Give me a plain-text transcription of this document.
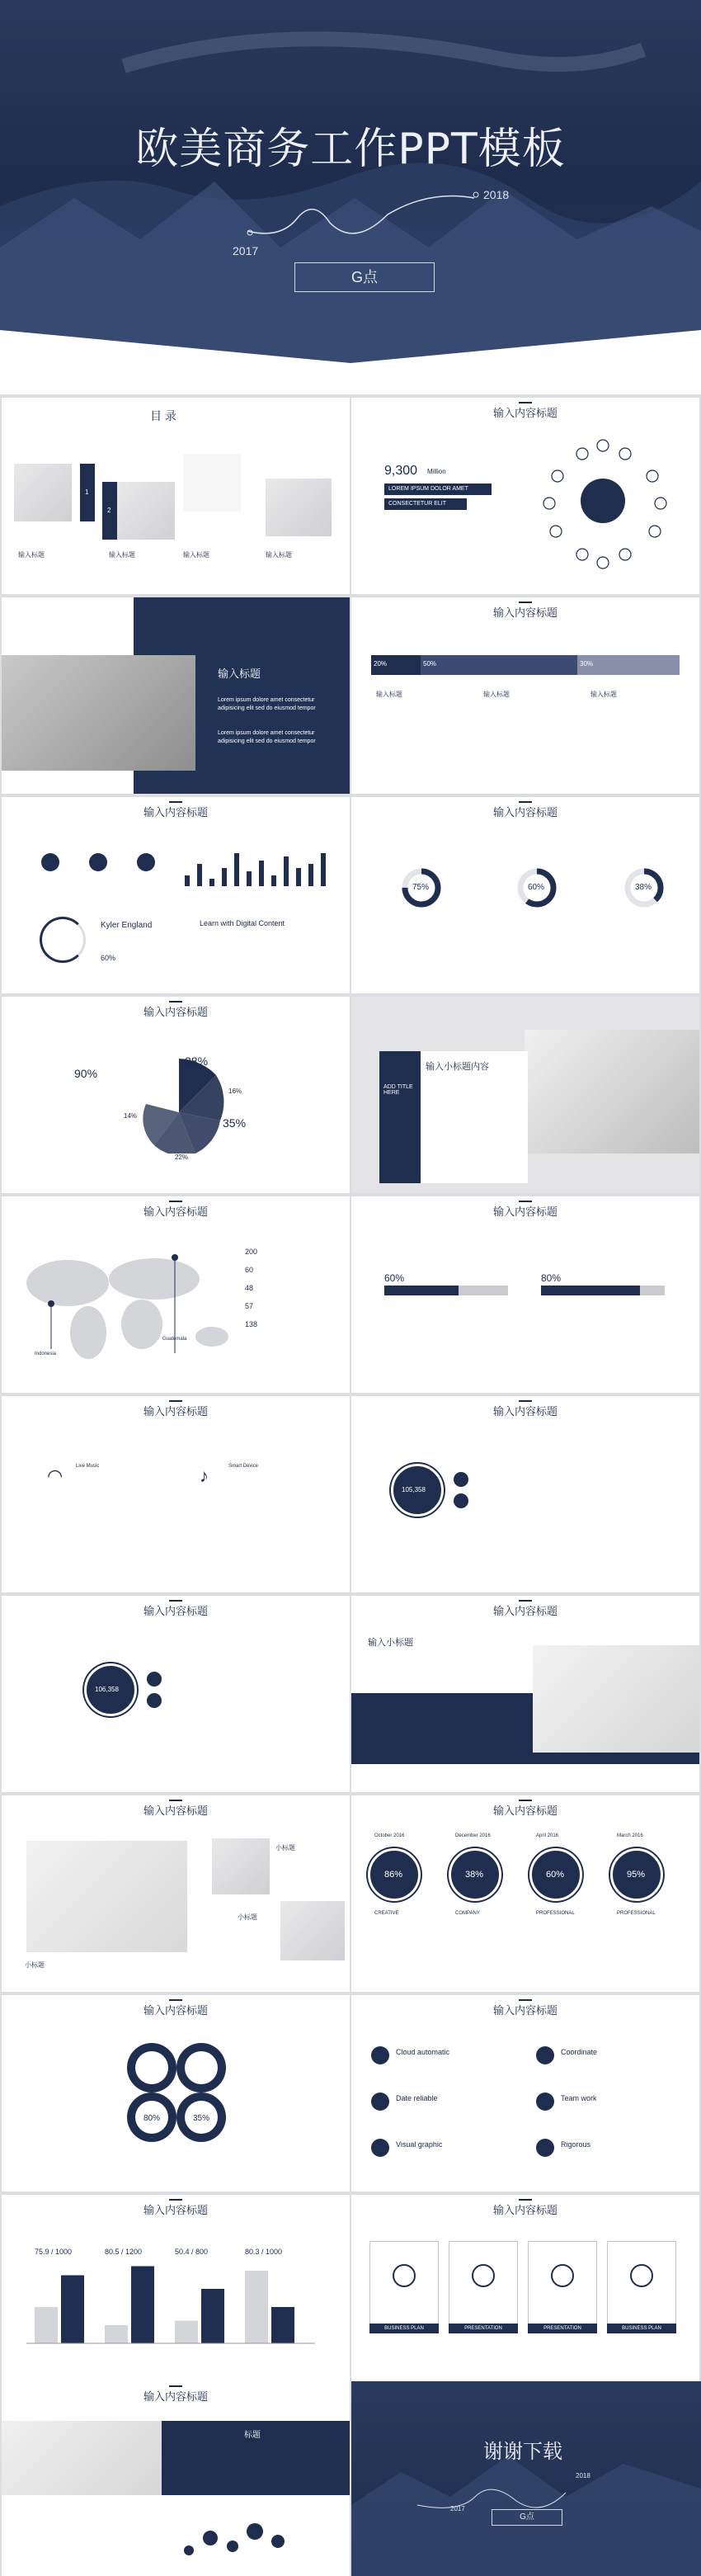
欧美商务工作PPT模板
2017
2018
G点
目 录
1
2
输入标题	输入标题	输入标题	输入标题
输入内容标题
9,300 Million
LOREM IPSUM DOLOR AMET
CONSECTETUR ELIT
输入标题
Lorem ipsum dolore amet consectetur adipisicing elit sed do eiusmod tempor
Lorem ipsum dolore amet consectetur adipisicing elit sed do eiusmod tempor
输入内容标题
20%	50%	30%
输入标题	输入标题	输入标题
输入内容标题
Kyler England
60%
Learn with Digital Content
输入内容标题
75%	60%	38%
输入内容标题
90%
28%
35%
16%
22%
14%
ADD TITLE HERE
输入小标题内容
输入内容标题
200
60
48
57
138
Indonesia
Guatemala
输入内容标题
60%	80%
输入内容标题
◠	Live Music	♪	Smart Device
输入内容标题
105,358
输入内容标题
106,358
输入内容标题
输入小标题
输入内容标题
小标题
小标题
小标题
输入内容标题
86%
October 2016
CREATIVE
38%
December 2016
COMPANY
60%
April 2016
PROFESSIONAL
95%
March 2016
PROFESSIONAL
输入内容标题
80%	35%
输入内容标题
Cloud automatic	Coordinate
Date reliable	Team work
Visual graphic	Rigorous
输入内容标题
75.9 / 1000	80.5 / 1200	50.4 / 800	80.3 / 1000
输入内容标题
BUSINESS PLAN	PRESENTATION	PRESENTATION	BUSINESS PLAN
输入内容标题
标题
谢谢下载
2017
2018
G点
